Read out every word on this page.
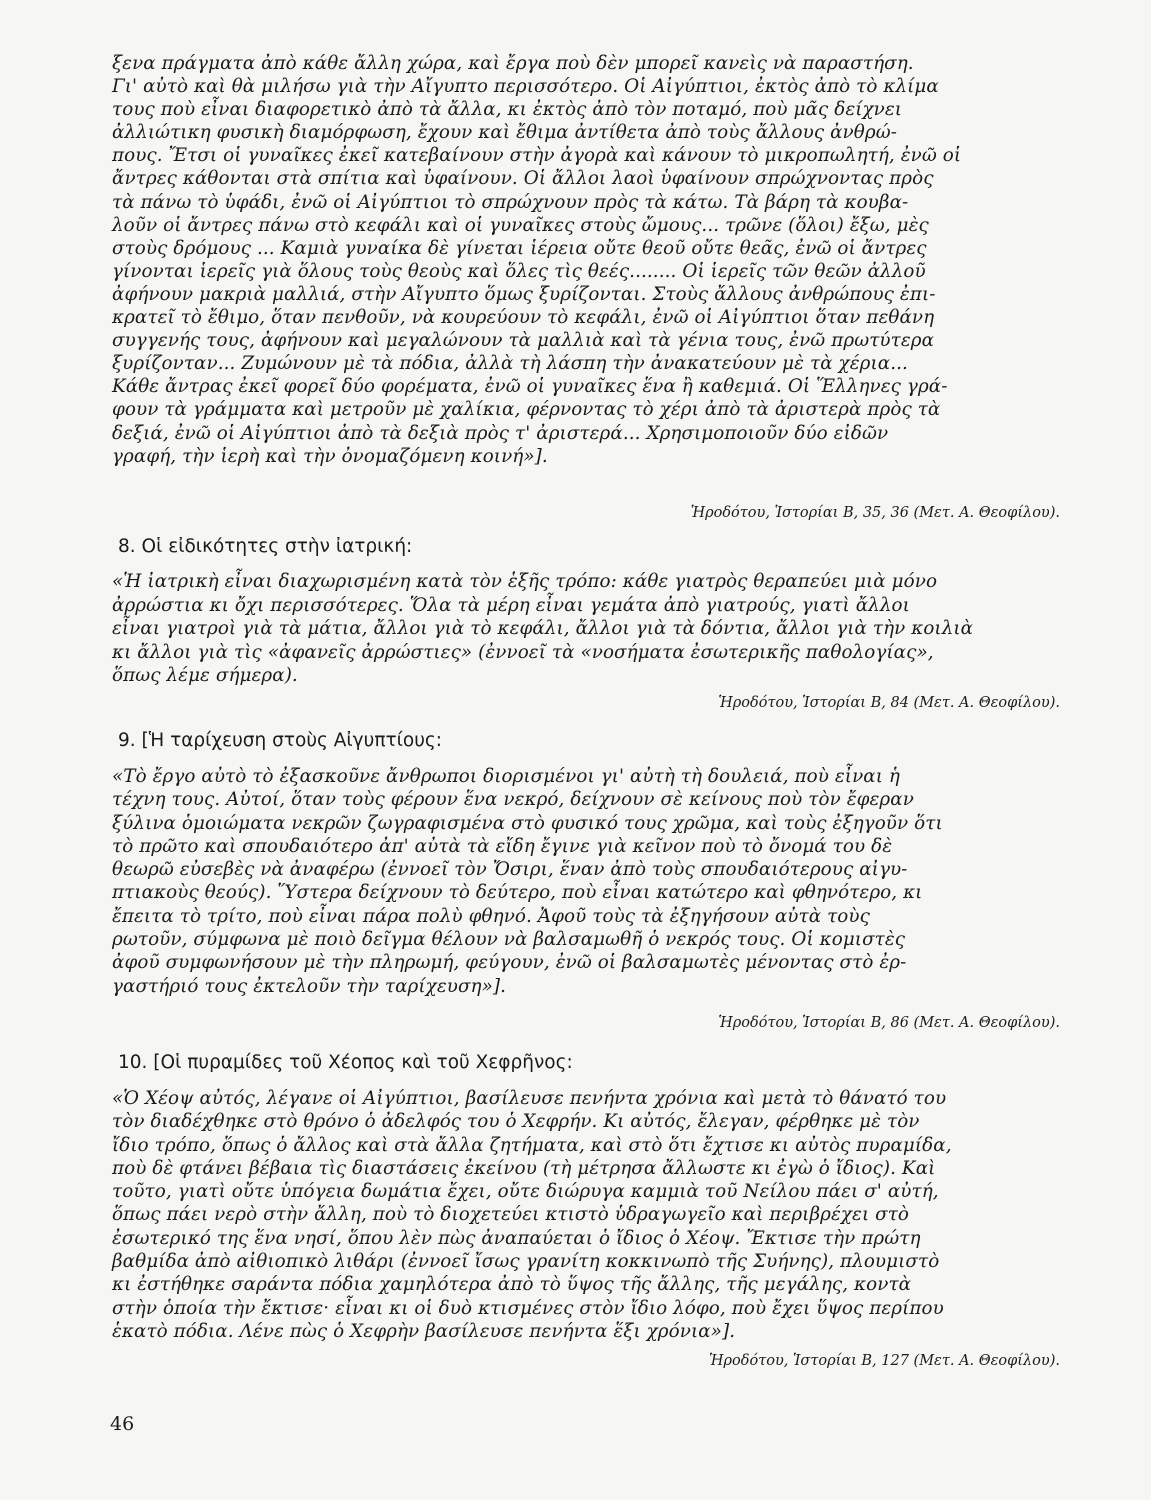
ξενα πράγματα ἀπὸ κάθε ἄλλη χώρα, καὶ ἔργα ποὺ δὲν μπορεῖ κανεὶς νὰ παραστήση.
Γι' αὐτὸ καὶ θὰ μιλήσω γιὰ τὴν Αἴγυπτο περισσότερο. Οἱ Αἰγύπτιοι, ἐκτὸς ἀπὸ τὸ κλίμα
τους ποὺ εἶναι διαφορετικὸ ἀπὸ τὰ ἄλλα, κι ἐκτὸς ἀπὸ τὸν ποταμό, ποὺ μᾶς δείχνει
ἀλλιώτικη φυσικὴ διαμόρφωση, ἔχουν καὶ ἔθιμα ἀντίθετα ἀπὸ τοὺς ἄλλους ἀνθρώ-
πους. Ἔτσι οἱ γυναῖκες ἐκεῖ κατεβαίνουν στὴν ἀγορὰ καὶ κάνουν τὸ μικροπωλητή, ἐνῶ οἱ
ἄντρες κάθονται στὰ σπίτια καὶ ὑφαίνουν. Οἱ ἄλλοι λαοὶ ὑφαίνουν σπρώχνοντας πρὸς
τὰ πάνω τὸ ὑφάδι, ἐνῶ οἱ Αἰγύπτιοι τὸ σπρώχνουν πρὸς τὰ κάτω. Τὰ βάρη τὰ κουβα-
λοῦν οἱ ἄντρες πάνω στὸ κεφάλι καὶ οἱ γυναῖκες στοὺς ὤμους... τρῶνε (ὅλοι) ἔξω, μὲς
στοὺς δρόμους ... Καμιὰ γυναίκα δὲ γίνεται ἱέρεια οὔτε θεοῦ οὔτε θεᾶς, ἐνῶ οἱ ἄντρες
γίνονται ἱερεῖς γιὰ ὅλους τοὺς θεοὺς καὶ ὅλες τὶς θεές........ Οἱ ἱερεῖς τῶν θεῶν ἀλλοῦ
ἀφήνουν μακριὰ μαλλιά, στὴν Αἴγυπτο ὅμως ξυρίζονται. Στοὺς ἄλλους ἀνθρώπους ἐπι-
κρατεῖ τὸ ἔθιμο, ὅταν πενθοῦν, νὰ κουρεύουν τὸ κεφάλι, ἐνῶ οἱ Αἰγύπτιοι ὅταν πεθάνη
συγγενής τους, ἀφήνουν καὶ μεγαλώνουν τὰ μαλλιὰ καὶ τὰ γένια τους, ἐνῶ πρωτύτερα
ξυρίζονταν... Ζυμώνουν μὲ τὰ πόδια, ἀλλὰ τὴ λάσπη τὴν ἀνακατεύουν μὲ τὰ χέρια...
Κάθε ἄντρας ἐκεῖ φορεῖ δύο φορέματα, ἐνῶ οἱ γυναῖκες ἕνα ἢ καθεμιά. Οἱ Ἕλληνες γρά-
φουν τὰ γράμματα καὶ μετροῦν μὲ χαλίκια, φέρνοντας τὸ χέρι ἀπὸ τὰ ἀριστερὰ πρὸς τὰ
δεξιά, ἐνῶ οἱ Αἰγύπτιοι ἀπὸ τὰ δεξιὰ πρὸς τ' ἀριστερά... Χρησιμοποιοῦν δύο εἰδῶν
γραφή, τὴν ἱερὴ καὶ τὴν ὀνομαζόμενη κοινή»].

Ἡροδότου, Ἱστορίαι Β, 35, 36 (Μετ. Α. Θεοφίλου).

8. Οἱ εἰδικότητες στὴν ἰατρική:

«Ἡ ἰατρικὴ εἶναι διαχωρισμένη κατὰ τὸν ἑξῆς τρόπο: κάθε γιατρὸς θεραπεύει μιὰ μόνο
ἀρρώστια κι ὄχι περισσότερες. Ὅλα τὰ μέρη εἶναι γεμάτα ἀπὸ γιατρούς, γιατὶ ἄλλοι
εἶναι γιατροὶ γιὰ τὰ μάτια, ἄλλοι γιὰ τὸ κεφάλι, ἄλλοι γιὰ τὰ δόντια, ἄλλοι γιὰ τὴν κοιλιὰ
κι ἄλλοι γιὰ τὶς «ἀφανεῖς ἀρρώστιες» (ἐννοεῖ τὰ «νοσήματα ἐσωτερικῆς παθολογίας»,
ὅπως λέμε σήμερα).

Ἡροδότου, Ἱστορίαι Β, 84 (Μετ. Α. Θεοφίλου).

9. [Ἡ ταρίχευση στοὺς Αἰγυπτίους:

«Τὸ ἔργο αὐτὸ τὸ ἐξασκοῦνε ἄνθρωποι διορισμένοι γι' αὐτὴ τὴ δουλειά, ποὺ εἶναι ἡ
τέχνη τους. Αὐτοί, ὅταν τοὺς φέρουν ἕνα νεκρό, δείχνουν σὲ κείνους ποὺ τὸν ἔφεραν
ξύλινα ὁμοιώματα νεκρῶν ζωγραφισμένα στὸ φυσικό τους χρῶμα, καὶ τοὺς ἐξηγοῦν ὅτι
τὸ πρῶτο καὶ σπουδαιότερο ἀπ' αὐτὰ τὰ εἴδη ἔγινε γιὰ κεῖνον ποὺ τὸ ὄνομά του δὲ
θεωρῶ εὐσεβὲς νὰ ἀναφέρω (ἐννοεῖ τὸν Ὄσιρι, ἕναν ἀπὸ τοὺς σπουδαιότερους αἰγυ-
πτιακοὺς θεούς). Ὕστερα δείχνουν τὸ δεύτερο, ποὺ εἶναι κατώτερο καὶ φθηνότερο, κι
ἔπειτα τὸ τρίτο, ποὺ εἶναι πάρα πολὺ φθηνό. Ἀφοῦ τοὺς τὰ ἐξηγήσουν αὐτὰ τοὺς
ρωτοῦν, σύμφωνα μὲ ποιὸ δεῖγμα θέλουν νὰ βαλσαμωθῆ ὁ νεκρός τους. Οἱ κομιστὲς
ἀφοῦ συμφωνήσουν μὲ τὴν πληρωμή, φεύγουν, ἐνῶ οἱ βαλσαμωτὲς μένοντας στὸ ἐρ-
γαστήριό τους ἐκτελοῦν τὴν ταρίχευση»].

Ἡροδότου, Ἱστορίαι Β, 86 (Μετ. Α. Θεοφίλου).

10. [Οἱ πυραμίδες τοῦ Χέοπος καὶ τοῦ Χεφρῆνος:

«Ὁ Χέοψ αὐτός, λέγανε οἱ Αἰγύπτιοι, βασίλευσε πενήντα χρόνια καὶ μετὰ τὸ θάνατό του
τὸν διαδέχθηκε στὸ θρόνο ὁ ἀδελφός του ὁ Χεφρήν. Κι αὐτός, ἔλεγαν, φέρθηκε μὲ τὸν
ἴδιο τρόπο, ὅπως ὁ ἄλλος καὶ στὰ ἄλλα ζητήματα, καὶ στὸ ὅτι ἔχτισε κι αὐτὸς πυραμίδα,
ποὺ δὲ φτάνει βέβαια τὶς διαστάσεις ἐκείνου (τὴ μέτρησα ἄλλωστε κι ἐγὼ ὁ ἴδιος). Καὶ
τοῦτο, γιατὶ οὔτε ὑπόγεια δωμάτια ἔχει, οὔτε διώρυγα καμμιὰ τοῦ Νείλου πάει σ' αὐτή,
ὅπως πάει νερὸ στὴν ἄλλη, ποὺ τὸ διοχετεύει κτιστὸ ὑδραγωγεῖο καὶ περιβρέχει στὸ
ἐσωτερικό της ἕνα νησί, ὅπου λὲν πὼς ἀναπαύεται ὁ ἴδιος ὁ Χέοψ. Ἔκτισε τὴν πρώτη
βαθμίδα ἀπὸ αἰθιοπικὸ λιθάρι (ἐννοεῖ ἴσως γρανίτη κοκκινωπὸ τῆς Συήνης), πλουμιστὸ
κι ἐστήθηκε σαράντα πόδια χαμηλότερα ἀπὸ τὸ ὕψος τῆς ἄλλης, τῆς μεγάλης, κοντὰ
στὴν ὁποία τὴν ἔκτισε· εἶναι κι οἱ δυὸ κτισμένες στὸν ἴδιο λόφο, ποὺ ἔχει ὕψος περίπου
ἑκατὸ πόδια. Λένε πὼς ὁ Χεφρὴν βασίλευσε πενήντα ἕξι χρόνια»].

Ἡροδότου, Ἱστορίαι Β, 127 (Μετ. Α. Θεοφίλου).

46
